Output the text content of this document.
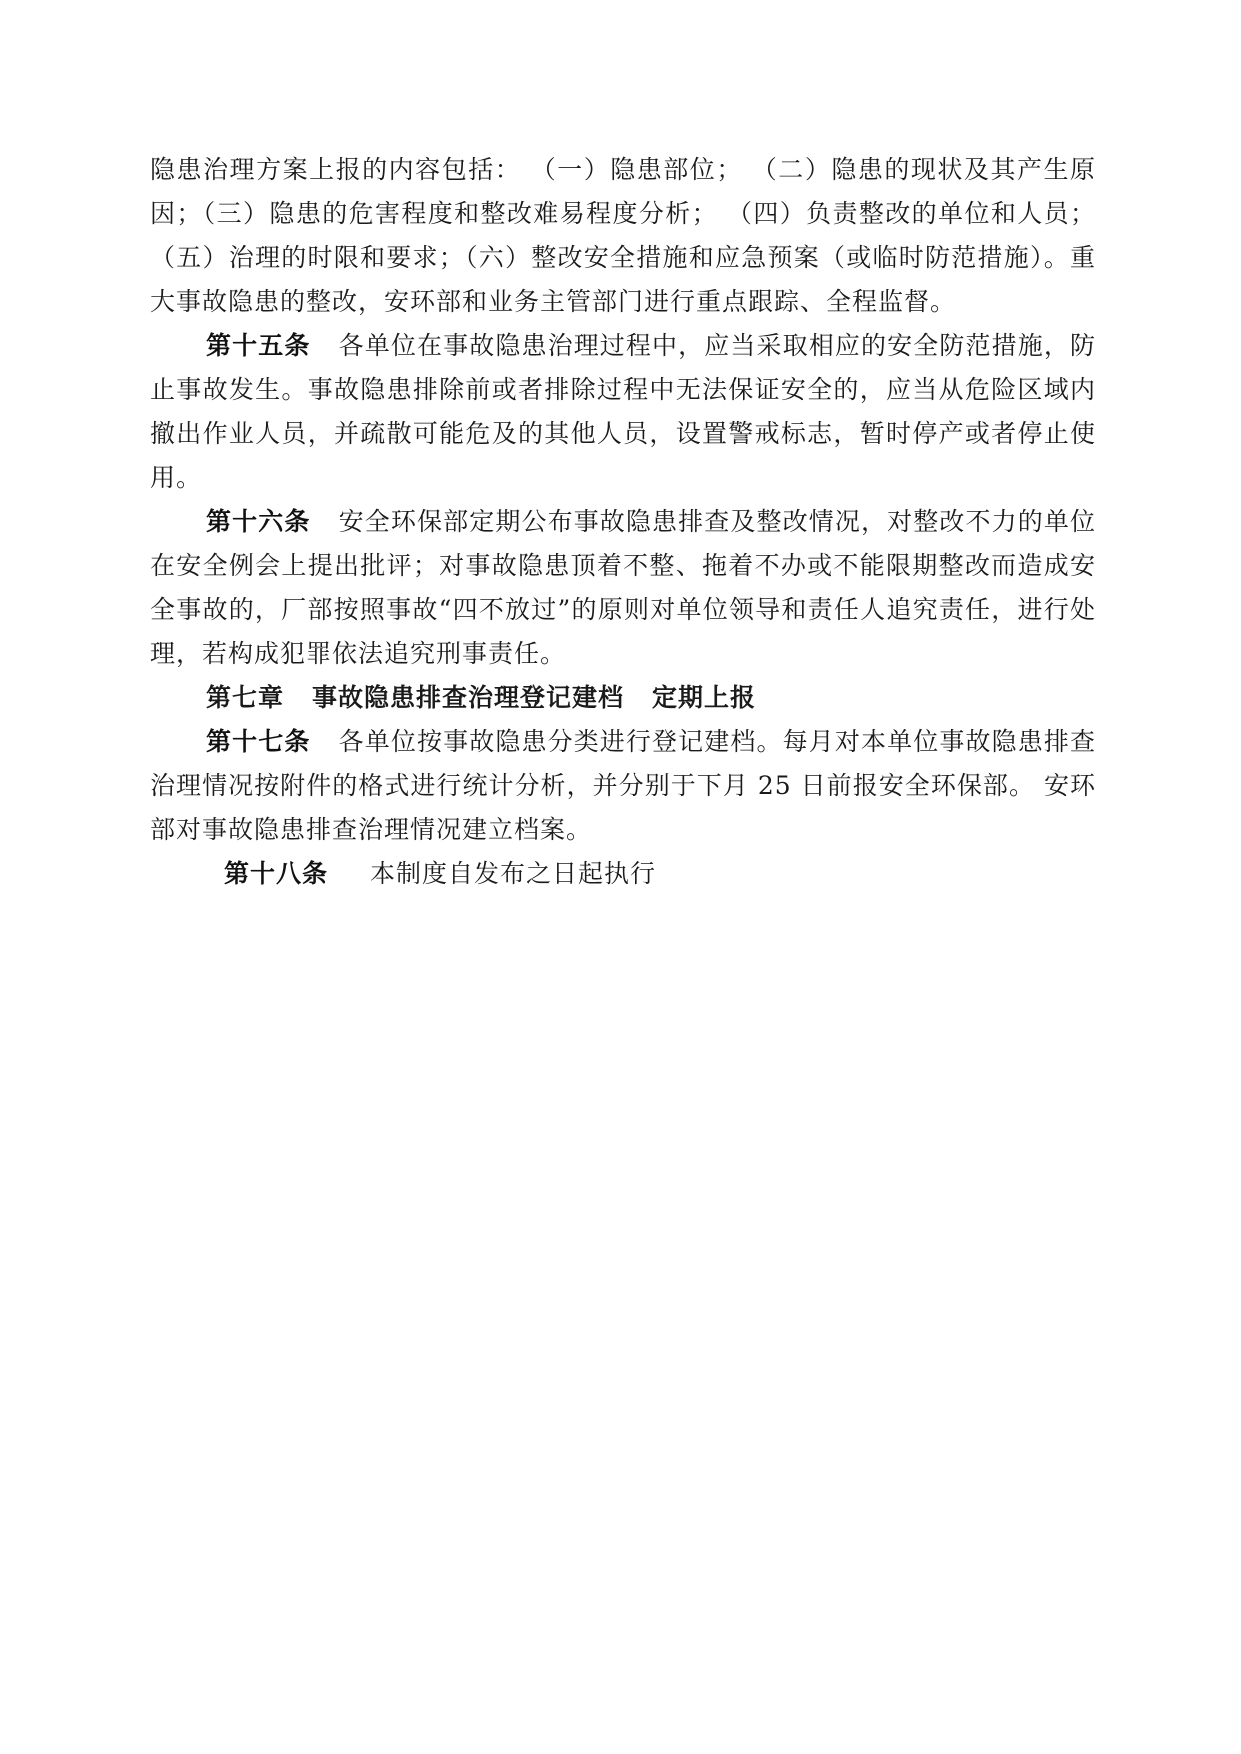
隐患治理方案上报的内容包括： （一）隐患部位； （二）隐患的现状及其产生原因；（三）隐患的危害程度和整改难易程度分析； （四）负责整改的单位和人员；（五）治理的时限和要求；（六）整改安全措施和应急预案（或临时防范措施）。重大事故隐患的整改，安环部和业务主管部门进行重点跟踪、全程监督。

第十五条 各单位在事故隐患治理过程中，应当采取相应的安全防范措施，防止事故发生。事故隐患排除前或者排除过程中无法保证安全的，应当从危险区域内撤出作业人员，并疏散可能危及的其他人员，设置警戒标志，暂时停产或者停止使用。

第十六条 安全环保部定期公布事故隐患排查及整改情况，对整改不力的单位在安全例会上提出批评；对事故隐患顶着不整、拖着不办或不能限期整改而造成安全事故的，厂部按照事故“四不放过”的原则对单位领导和责任人追究责任，进行处理，若构成犯罪依法追究刑事责任。

第七章 事故隐患排查治理登记建档 定期上报

第十七条 各单位按事故隐患分类进行登记建档。每月对本单位事故隐患排查治理情况按附件的格式进行统计分析，并分别于下月 25 日前报安全环保部。 安环部对事故隐患排查治理情况建立档案。

第十八条 本制度自发布之日起执行
